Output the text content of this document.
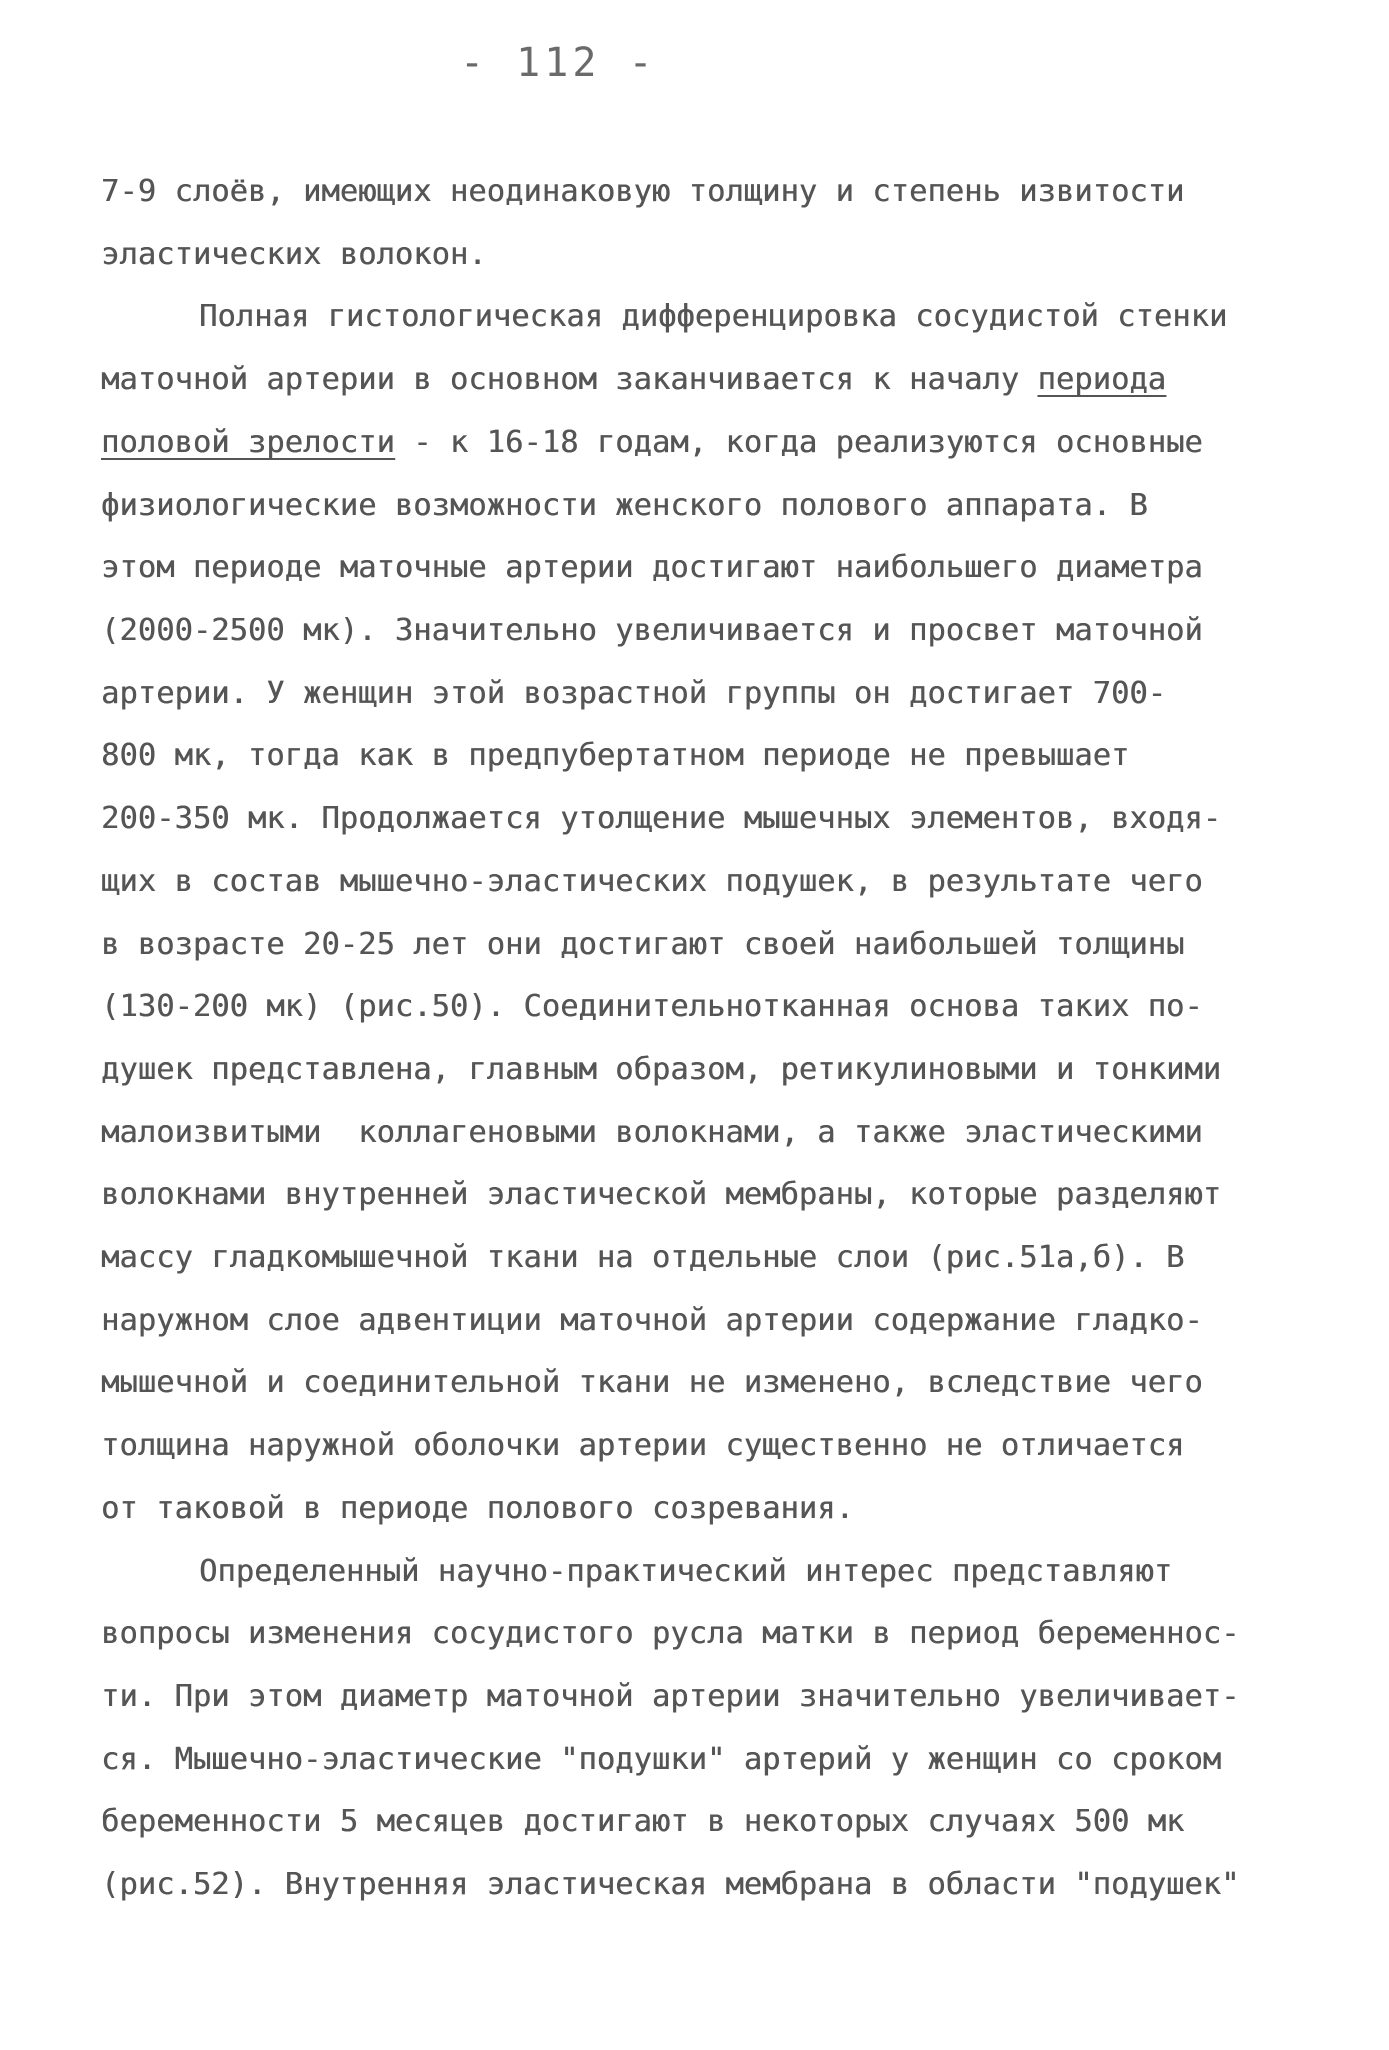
- 112 -
7-9 слоёв, имеющих неодинаковую толщину и степень извитости
эластических волокон.
Полная гистологическая дифференцировка сосудистой стенки
маточной артерии в основном заканчивается к началу периода
половой зрелости - к 16-18 годам, когда реализуются основные
физиологические возможности женского полового аппарата. В
этом периоде маточные артерии достигают наибольшего диаметра
(2000-2500 мк). Значительно увеличивается и просвет маточной
артерии. У женщин этой возрастной группы он достигает 700-
800 мк, тогда как в предпубертатном периоде не превышает
200-350 мк. Продолжается утолщение мышечных элементов, входя-
щих в состав мышечно-эластических подушек, в результате чего
в возрасте 20-25 лет они достигают своей наибольшей толщины
(130-200 мк) (рис.50). Соединительнотканная основа таких по-
душек представлена, главным образом, ретикулиновыми и тонкими
малоизвитыми  коллагеновыми волокнами, а также эластическими
волокнами внутренней эластической мембраны, которые разделяют
массу гладкомышечной ткани на отдельные слои (рис.51а,б). В
наружном слое адвентиции маточной артерии содержание гладко-
мышечной и соединительной ткани не изменено, вследствие чего
толщина наружной оболочки артерии существенно не отличается
от таковой в периоде полового созревания.
Определенный научно-практический интерес представляют
вопросы изменения сосудистого русла матки в период беременнос-
ти. При этом диаметр маточной артерии значительно увеличивает-
ся. Мышечно-эластические "подушки" артерий у женщин со сроком
беременности 5 месяцев достигают в некоторых случаях 500 мк
(рис.52). Внутренняя эластическая мембрана в области "подушек"
